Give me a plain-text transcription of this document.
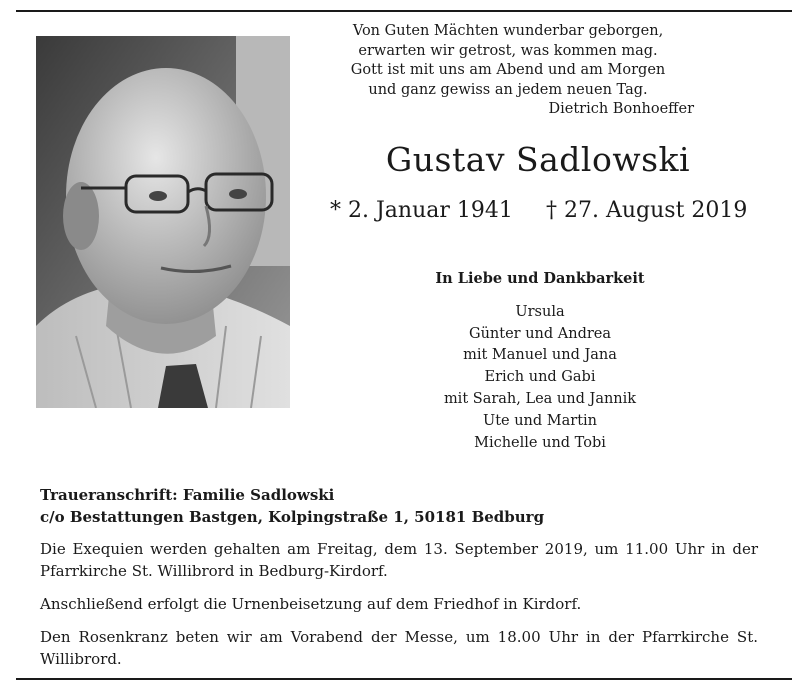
Von Guten Mächten wunderbar geborgen,
erwarten wir getrost, was kommen mag.
Gott ist mit uns am Abend und am Morgen
und ganz gewiss an jedem neuen Tag.
Dietrich Bonhoeffer
Gustav Sadlowski
* 2. Januar 1941 † 27. August 2019
In Liebe und Dankbarkeit
Ursula
Günter und Andrea
mit Manuel und Jana
Erich und Gabi
mit Sarah, Lea und Jannik
Ute und Martin
Michelle und Tobi
Traueranschrift: Familie Sadlowski
c/o Bestattungen Bastgen, Kolpingstraße 1, 50181 Bedburg

Die Exequien werden gehalten am Freitag, dem 13. September 2019, um 11.00 Uhr in der Pfarrkirche St. Willibrord in Bedburg-Kirdorf.

Anschließend erfolgt die Urnenbeisetzung auf dem Friedhof in Kirdorf.

Den Rosenkranz beten wir am Vorabend der Messe, um 18.00 Uhr in der Pfarrkirche St. Willibrord.
